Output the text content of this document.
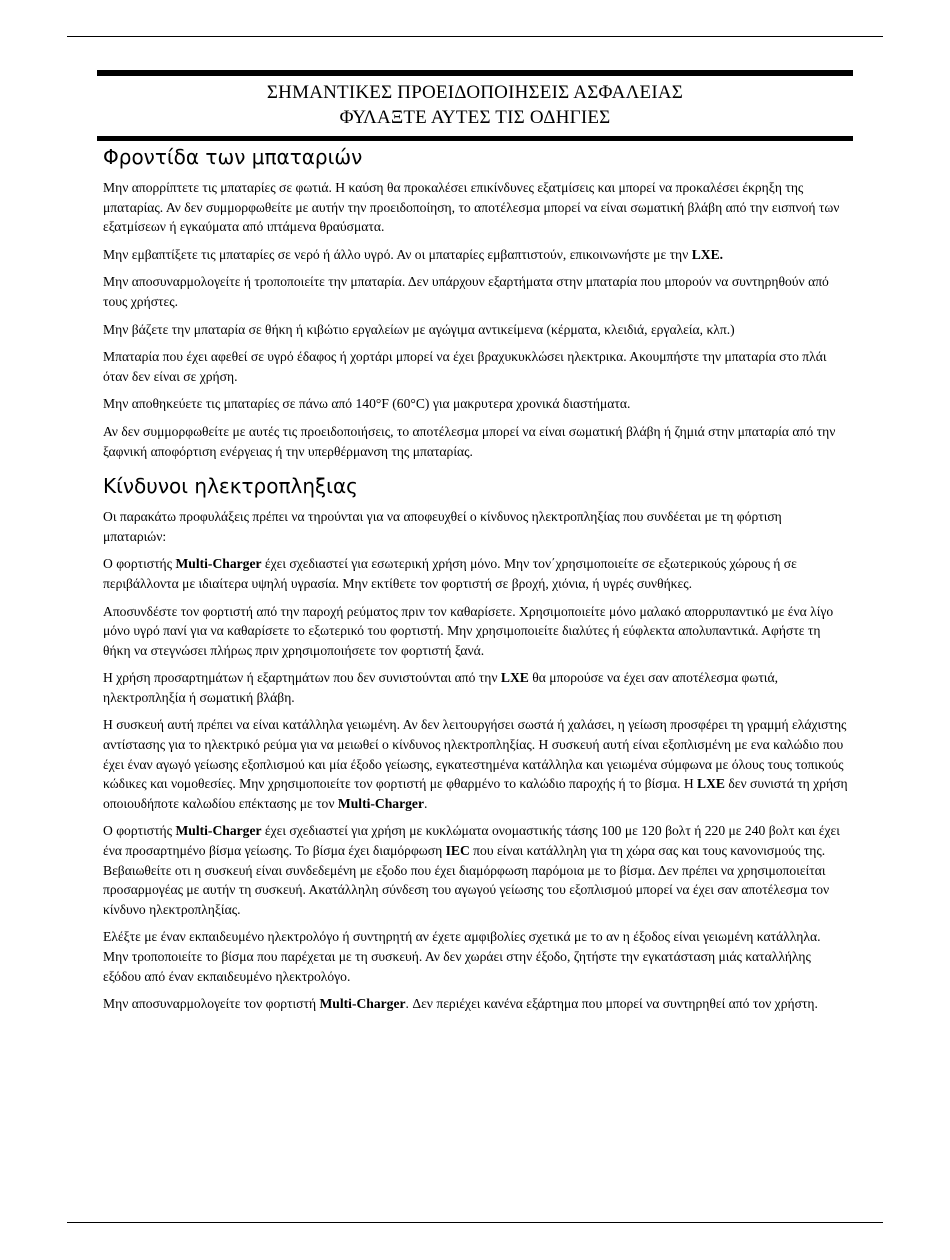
ΣΗΜΑΝΤΙΚΕΣ ΠΡΟΕΙΔΟΠΟΙΗΣΕΙΣ ΑΣΦΑΛΕΙΑΣ
ΦΥΛΑΞΤΕ ΑΥΤΕΣ ΤΙΣ ΟΔΗΓΙΕΣ
Φροντίδα των μπαταριών

Μην απορρίπτετε τις μπαταρίες σε φωτιά. Η καύση θα προκαλέσει επικίνδυνες εξατμίσεις και μπορεί να προκαλέσει έκρηξη της μπαταρίας. Αν δεν συμμορφωθείτε με αυτήν την προειδοποίηση, το αποτέλεσμα μπορεί να είναι σωματική βλάβη από την εισπνοή των εξατμίσεων ή εγκαύματα από ιπτάμενα θραύσματα.

Μην εμβαπτίξετε τις μπαταρίες σε νερό ή άλλο υγρό. Αν οι μπαταρίες εμβαπτιστούν, επικοινωνήστε με την LXE.

Μην αποσυναρμολογείτε ή τροποποιείτε την μπαταρία. Δεν υπάρχουν εξαρτήματα στην μπαταρία που μπορούν να συντηρηθούν από τους χρήστες.

Μην βάζετε την μπαταρία σε θήκη ή κιβώτιο εργαλείων με αγώγιμα αντικείμενα (κέρματα, κλειδιά, εργαλεία, κλπ.)

Μπαταρία που έχει αφεθεί σε υγρό έδαφος ή χορτάρι μπορεί να έχει βραχυκυκλώσει ηλεκτρικα. Ακουμπήστε την μπαταρία στο πλάι όταν δεν είναι σε χρήση.

Μην αποθηκεύετε τις μπαταρίες σε πάνω από 140°F (60°C) για μακρυτερα χρονικά διαστήματα.

Αν δεν συμμορφωθείτε με αυτές τις προειδοποιήσεις, το αποτέλεσμα μπορεί να είναι σωματική βλάβη ή ζημιά στην μπαταρία από την ξαφνική αποφόρτιση ενέργειας ή την υπερθέρμανση της μπαταρίας.

Κίνδυνοι ηλεκτροπληξιας

Οι παρακάτω προφυλάξεις πρέπει να τηρούνται για να αποφευχθεί ο κίνδυνος ηλεκτροπληξίας που συνδέεται με τη φόρτιση μπαταριών:

Ο φορτιστής Multi-Charger έχει σχεδιαστεί για εσωτερική χρήση μόνο. Μην τον΄χρησιμοποιείτε σε εξωτερικούς χώρους ή σε περιβάλλοντα με ιδιαίτερα υψηλή υγρασία. Μην εκτίθετε τον φορτιστή σε βροχή, χιόνια, ή υγρές συνθήκες.

Αποσυνδέστε τον φορτιστή από την παροχή ρεύματος πριν τον καθαρίσετε. Χρησιμοποιείτε μόνο μαλακό απορρυπαντικό με ένα λίγο μόνο υγρό πανί για να καθαρίσετε το εξωτερικό του φορτιστή. Μην χρησιμοποιείτε διαλύτες ή εύφλεκτα απολυπαντικά. Αφήστε τη θήκη να στεγνώσει πλήρως πριν χρησιμοποιήσετε τον φορτιστή ξανά.

Η χρήση προσαρτημάτων ή εξαρτημάτων που δεν συνιστούνται από την LXE θα μπορούσε να έχει σαν αποτέλεσμα φωτιά, ηλεκτροπληξία ή σωματική βλάβη.

Η συσκευή αυτή πρέπει να είναι κατάλληλα γειωμένη. Αν δεν λειτουργήσει σωστά ή χαλάσει, η γείωση προσφέρει τη γραμμή ελάχιστης αντίστασης για το ηλεκτρικό ρεύμα για να μειωθεί ο κίνδυνος ηλεκτροπληξίας. Η συσκευή αυτή είναι εξοπλισμένη με ενα καλώδιο που έχει έναν αγωγό γείωσης εξοπλισμού και μία έξοδο γείωσης, εγκατεστημένα κατάλληλα και γειωμένα σύμφωνα με όλους τους τοπικούς κώδικες και νομοθεσίες. Μην χρησιμοποιείτε τον φορτιστή με φθαρμένο το καλώδιο παροχής ή το βίσμα. Η LXE δεν συνιστά τη χρήση οποιουδήποτε καλωδίου επέκτασης με τον Multi-Charger.

Ο φορτιστής Multi-Charger έχει σχεδιαστεί για χρήση με κυκλώματα ονομαστικής τάσης 100 με 120 βολτ ή 220 με 240 βολτ και έχει ένα προσαρτημένο βίσμα γείωσης. Το βίσμα έχει διαμόρφωση IEC που είναι κατάλληλη για τη χώρα σας και τους κανονισμούς της. Βεβαιωθείτε οτι η συσκευή είναι συνδεδεμένη με εξοδο που έχει διαμόρφωση παρόμοια με το βίσμα. Δεν πρέπει να χρησιμοποιείται προσαρμογέας με αυτήν τη συσκευή. Ακατάλληλη σύνδεση του αγωγού γείωσης του εξοπλισμού μπορεί να έχει σαν αποτέλεσμα τον κίνδυνο ηλεκτροπληξίας.

Ελέξτε με έναν εκπαιδευμένο ηλεκτρολόγο ή συντηρητή αν έχετε αμφιβολίες σχετικά με το αν η έξοδος είναι γειωμένη κατάλληλα. Μην τροποποιείτε το βίσμα που παρέχεται με τη συσκευή. Αν δεν χωράει στην έξοδο, ζητήστε την εγκατάσταση μιάς καταλλήλης εξόδου από έναν εκπαιδευμένο ηλεκτρολόγο.

Μην αποσυναρμολογείτε τον φορτιστή Multi-Charger. Δεν περιέχει κανένα εξάρτημα που μπορεί να συντηρηθεί από τον χρήστη.
